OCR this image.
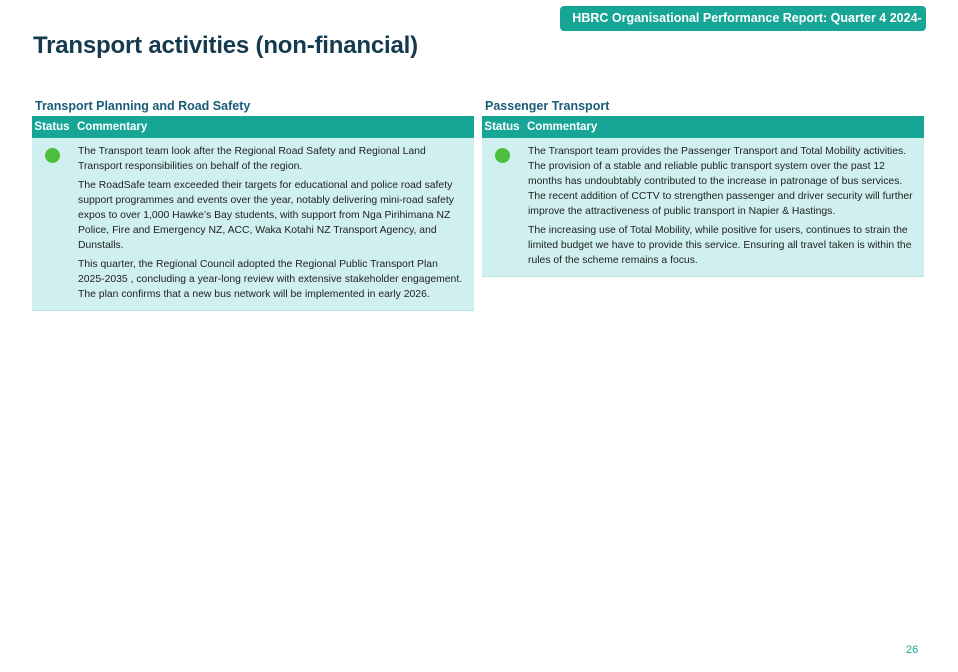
HBRC Organisational Performance Report: Quarter 4 2024-2025
Transport activities (non-financial)
Transport Planning and Road Safety
Status Commentary

The Transport team look after the Regional Road Safety and Regional Land Transport responsibilities on behalf of the region.

The RoadSafe team exceeded their targets for educational and police road safety support programmes and events over the year, notably delivering mini-road safety expos to over 1,000 Hawke’s Bay students, with support from Nga Pirihimana NZ Police, Fire and Emergency NZ, ACC, Waka Kotahi NZ Transport Agency, and Dunstalls.

This quarter, the Regional Council adopted the Regional Public Transport Plan 2025-2035 , concluding a year-long review with extensive stakeholder engagement. The plan confirms that a new bus network will be implemented in early 2026.

Passenger Transport
Status Commentary

The Transport team provides the Passenger Transport and Total Mobility activities. The provision of a stable and reliable public transport system over the past 12 months has undoubtably contributed to the increase in patronage of bus services. The recent addition of CCTV to strengthen passenger and driver security will further improve the attractiveness of public transport in Napier & Hastings.

The increasing use of Total Mobility, while positive for users, continues to strain the limited budget we have to provide this service. Ensuring all travel taken is within the rules of the scheme remains a focus.

26
